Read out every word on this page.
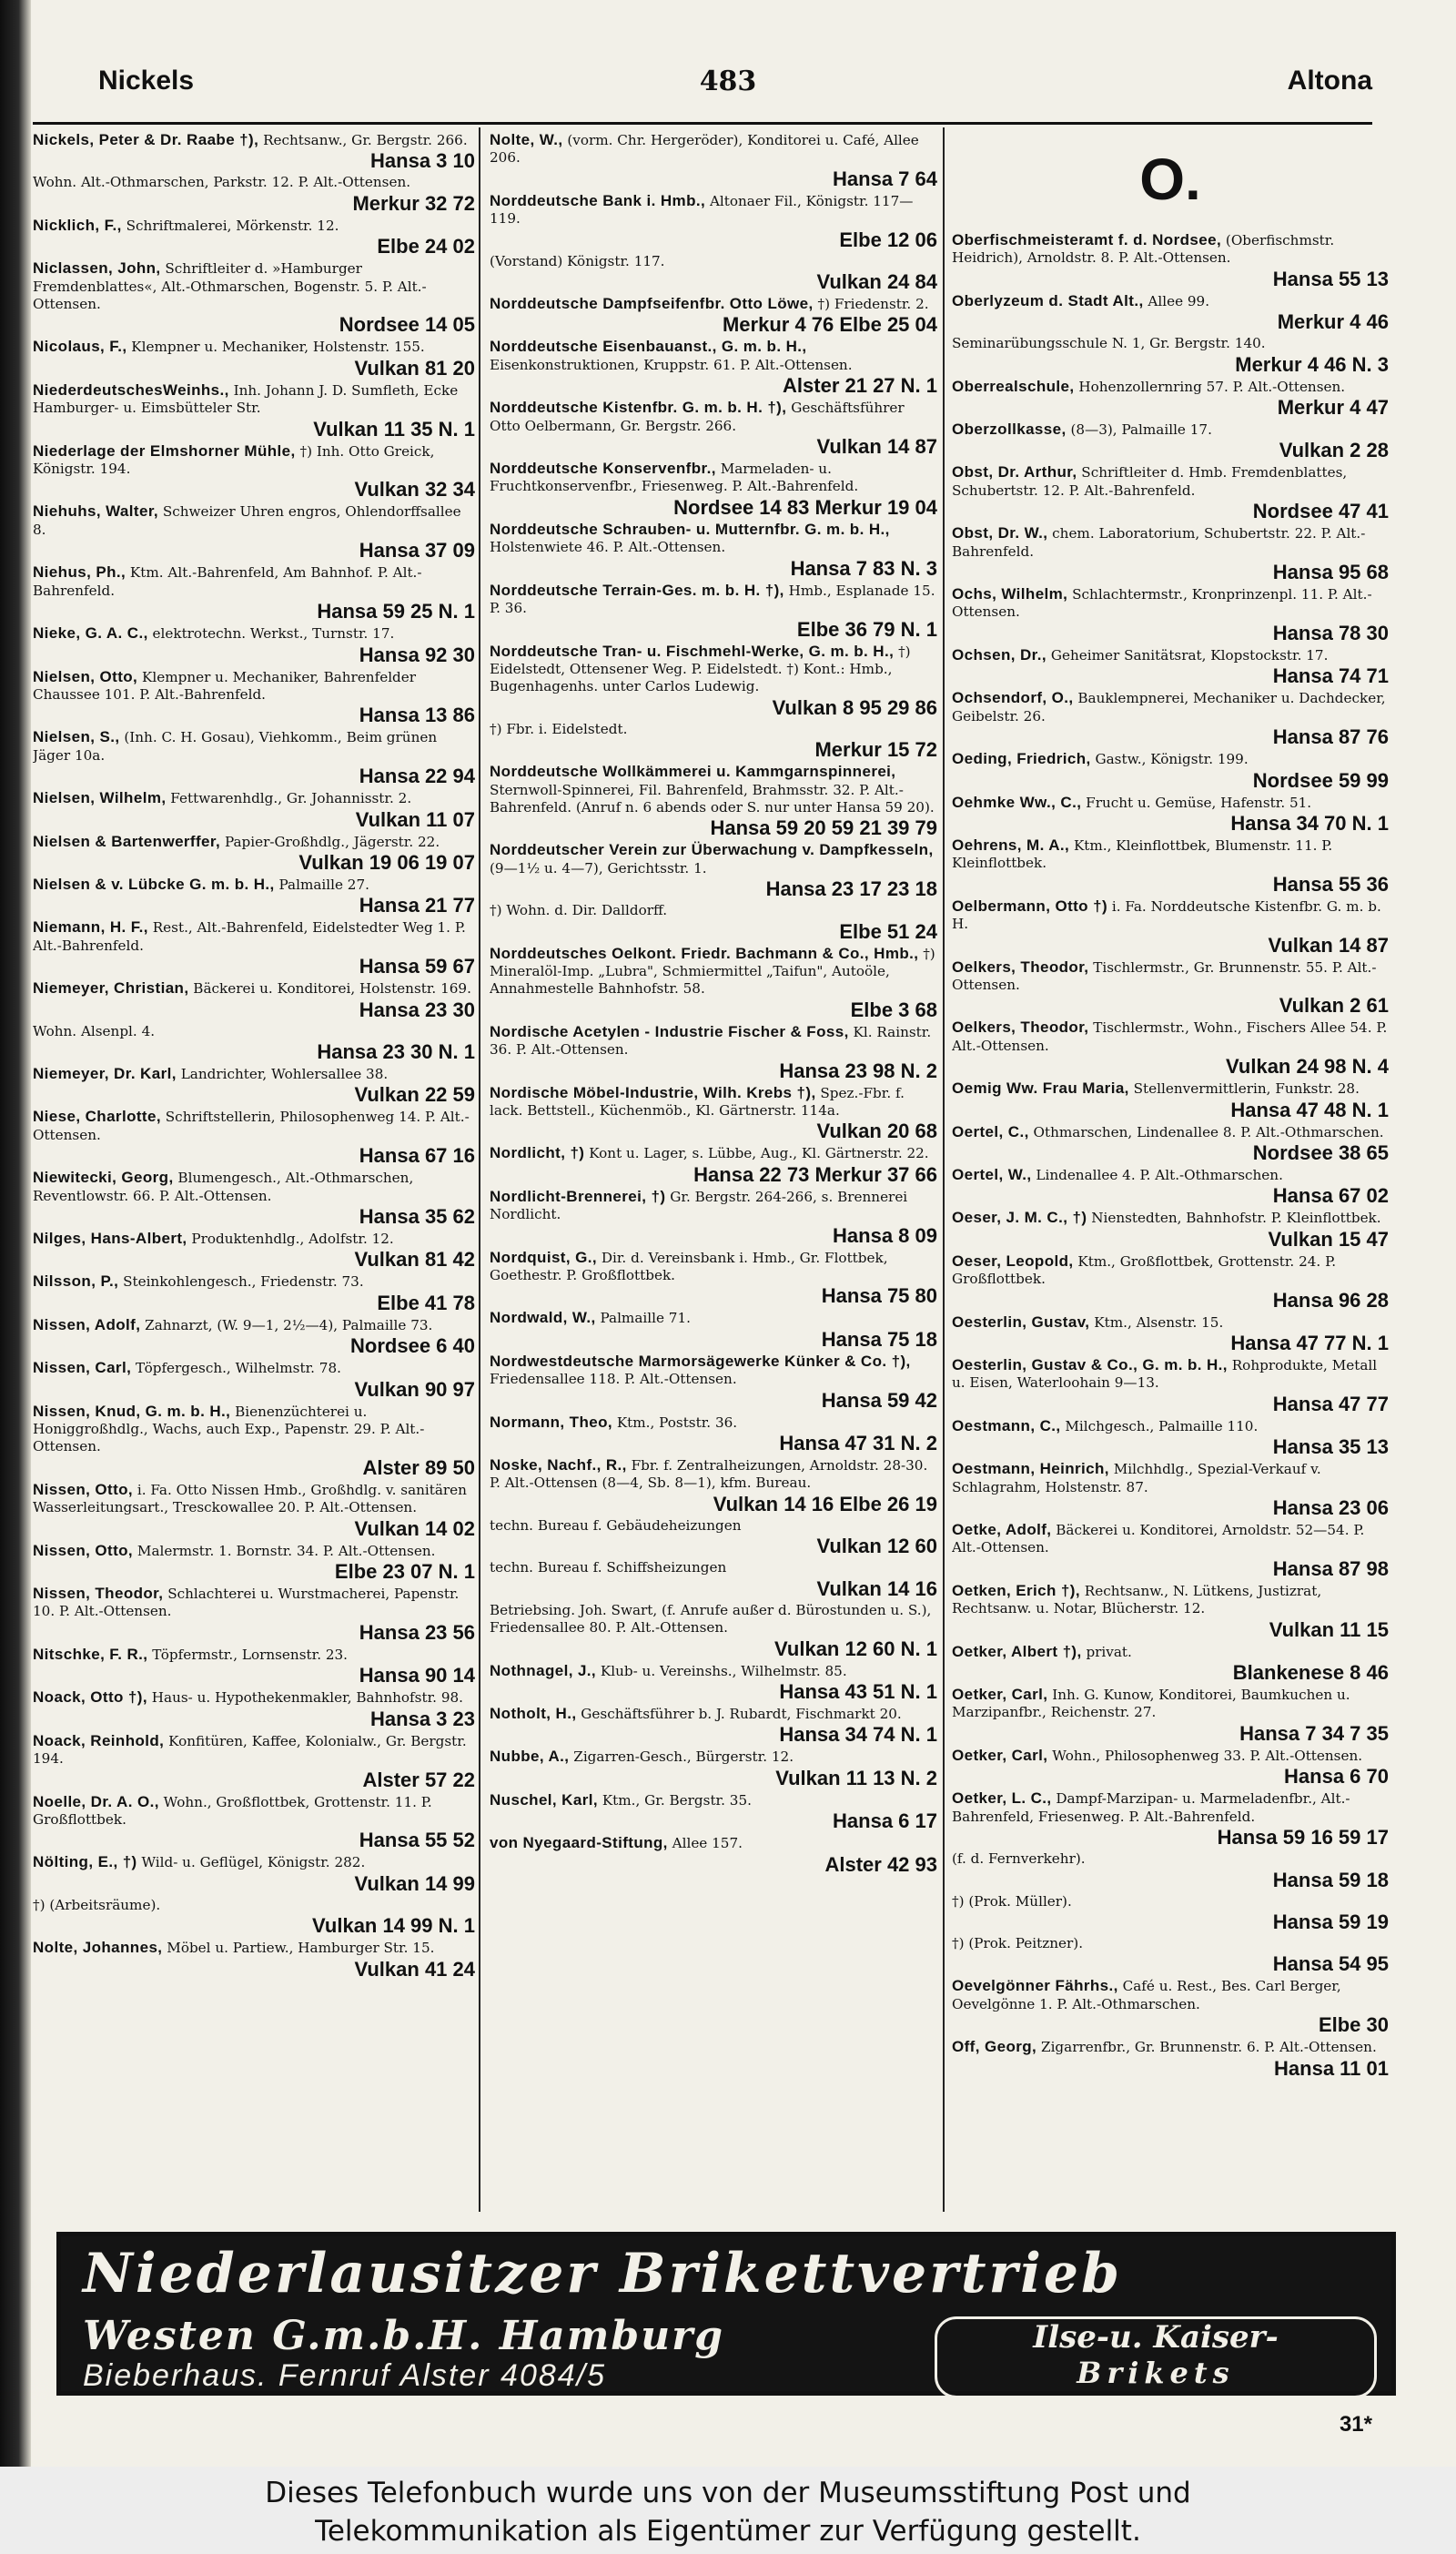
Nickels	483	Altona
Nickels, Peter & Dr. Raabe †), Rechtsanw., Gr. Bergstr. 266.
Hansa 3 10
Wohn. Alt.-Othmarschen, Parkstr. 12. P. Alt.-Ottensen.
Merkur 32 72
Nicklich, F., Schriftmalerei, Mörkenstr. 12.
Elbe 24 02
Niclassen, John, Schriftleiter d. »Hamburger Fremdenblattes«, Alt.-Othmarschen, Bogenstr. 5. P. Alt.-Ottensen.
Nordsee 14 05
Nicolaus, F., Klempner u. Mechaniker, Holstenstr. 155.
Vulkan 81 20
NiederdeutschesWeinhs., Inh. Johann J. D. Sumfleth, Ecke Hamburger- u. Eimsbütteler Str.
Vulkan 11 35 N. 1
Niederlage der Elmshorner Mühle, †) Inh. Otto Greick, Königstr. 194.
Vulkan 32 34
Niehuhs, Walter, Schweizer Uhren engros, Ohlendorffsallee 8.
Hansa 37 09
Niehus, Ph., Ktm. Alt.-Bahrenfeld, Am Bahnhof. P. Alt.-Bahrenfeld.
Hansa 59 25 N. 1
Nieke, G. A. C., elektrotechn. Werkst., Turnstr. 17.
Hansa 92 30
Nielsen, Otto, Klempner u. Mechaniker, Bahrenfelder Chaussee 101. P. Alt.-Bahrenfeld.
Hansa 13 86
Nielsen, S., (Inh. C. H. Gosau), Viehkomm., Beim grünen Jäger 10a.
Hansa 22 94
Nielsen, Wilhelm, Fettwarenhdlg., Gr. Johannisstr. 2.
Vulkan 11 07
Nielsen & Bartenwerffer, Papier-Großhdlg., Jägerstr. 22.
Vulkan 19 06 19 07
Nielsen & v. Lübcke G. m. b. H., Palmaille 27.
Hansa 21 77
Niemann, H. F., Rest., Alt.-Bahrenfeld, Eidelstedter Weg 1. P. Alt.-Bahrenfeld.
Hansa 59 67
Niemeyer, Christian, Bäckerei u. Konditorei, Holstenstr. 169.
Hansa 23 30
Wohn. Alsenpl. 4.
Hansa 23 30 N. 1
Niemeyer, Dr. Karl, Landrichter, Wohlersallee 38.
Vulkan 22 59
Niese, Charlotte, Schriftstellerin, Philosophenweg 14. P. Alt.-Ottensen.
Hansa 67 16
Niewitecki, Georg, Blumengesch., Alt.-Othmarschen, Reventlowstr. 66. P. Alt.-Ottensen.
Hansa 35 62
Nilges, Hans-Albert, Produktenhdlg., Adolfstr. 12.
Vulkan 81 42
Nilsson, P., Steinkohlengesch., Friedenstr. 73.
Elbe 41 78
Nissen, Adolf, Zahnarzt, (W. 9—1, 2½—4), Palmaille 73.
Nordsee 6 40
Nissen, Carl, Töpfergesch., Wilhelmstr. 78.
Vulkan 90 97
Nissen, Knud, G. m. b. H., Bienenzüchterei u. Honiggroßhdlg., Wachs, auch Exp., Papenstr. 29. P. Alt.-Ottensen.
Alster 89 50
Nissen, Otto, i. Fa. Otto Nissen Hmb., Großhdlg. v. sanitären Wasserleitungsart., Tresckowallee 20. P. Alt.-Ottensen.
Vulkan 14 02
Nissen, Otto, Malermstr. 1. Bornstr. 34. P. Alt.-Ottensen.
Elbe 23 07 N. 1
Nissen, Theodor, Schlachterei u. Wurstmacherei, Papenstr. 10. P. Alt.-Ottensen.
Hansa 23 56
Nitschke, F. R., Töpfermstr., Lornsenstr. 23.
Hansa 90 14
Noack, Otto †), Haus- u. Hypothekenmakler, Bahnhofstr. 98.
Hansa 3 23
Noack, Reinhold, Konfitüren, Kaffee, Kolonialw., Gr. Bergstr. 194.
Alster 57 22
Noelle, Dr. A. O., Wohn., Großflottbek, Grottenstr. 11. P. Großflottbek.
Hansa 55 52
Nölting, E., †) Wild- u. Geflügel, Königstr. 282.
Vulkan 14 99
†) (Arbeitsräume).
Vulkan 14 99 N. 1
Nolte, Johannes, Möbel u. Partiew., Hamburger Str. 15.
Vulkan 41 24
Nolte, W., (vorm. Chr. Hergeröder), Konditorei u. Café, Allee 206.
Hansa 7 64
Norddeutsche Bank i. Hmb., Altonaer Fil., Königstr. 117—119.
Elbe 12 06
(Vorstand) Königstr. 117.
Vulkan 24 84
Norddeutsche Dampfseifenfbr. Otto Löwe, †) Friedenstr. 2.
Merkur 4 76 Elbe 25 04
Norddeutsche Eisenbauanst., G. m. b. H., Eisenkonstruktionen, Kruppstr. 61. P. Alt.-Ottensen.
Alster 21 27 N. 1
Norddeutsche Kistenfbr. G. m. b. H. †), Geschäftsführer Otto Oelbermann, Gr. Bergstr. 266.
Vulkan 14 87
Norddeutsche Konservenfbr., Marmeladen- u. Fruchtkonservenfbr., Friesenweg. P. Alt.-Bahrenfeld.
Nordsee 14 83 Merkur 19 04
Norddeutsche Schrauben- u. Mutternfbr. G. m. b. H., Holstenwiete 46. P. Alt.-Ottensen.
Hansa 7 83 N. 3
Norddeutsche Terrain-Ges. m. b. H. †), Hmb., Esplanade 15. P. 36.
Elbe 36 79 N. 1
Norddeutsche Tran- u. Fischmehl-Werke, G. m. b. H., †) Eidelstedt, Ottensener Weg. P. Eidelstedt. †) Kont.: Hmb., Bugenhagenhs. unter Carlos Ludewig.
Vulkan 8 95 29 86
†) Fbr. i. Eidelstedt.
Merkur 15 72
Norddeutsche Wollkämmerei u. Kammgarnspinnerei, Sternwoll-Spinnerei, Fil. Bahrenfeld, Brahmsstr. 32. P. Alt.-Bahrenfeld. (Anruf n. 6 abends oder S. nur unter Hansa 59 20).
Hansa 59 20 59 21 39 79
Norddeutscher Verein zur Überwachung v. Dampfkesseln, (9—1½ u. 4—7), Gerichtsstr. 1.
Hansa 23 17 23 18
†) Wohn. d. Dir. Dalldorff.
Elbe 51 24
Norddeutsches Oelkont. Friedr. Bachmann & Co., Hmb., †) Mineralöl-Imp. „Lubra", Schmiermittel „Taifun", Autoöle, Annahmestelle Bahnhofstr. 58.
Elbe 3 68
Nordische Acetylen - Industrie Fischer & Foss, Kl. Rainstr. 36. P. Alt.-Ottensen.
Hansa 23 98 N. 2
Nordische Möbel-Industrie, Wilh. Krebs †), Spez.-Fbr. f. lack. Bettstell., Küchenmöb., Kl. Gärtnerstr. 114a.
Vulkan 20 68
Nordlicht, †) Kont u. Lager, s. Lübbe, Aug., Kl. Gärtnerstr. 22.
Hansa 22 73 Merkur 37 66
Nordlicht-Brennerei, †) Gr. Bergstr. 264-266, s. Brennerei Nordlicht.
Hansa 8 09
Nordquist, G., Dir. d. Vereinsbank i. Hmb., Gr. Flottbek, Goethestr. P. Großflottbek.
Hansa 75 80
Nordwald, W., Palmaille 71.
Hansa 75 18
Nordwestdeutsche Marmorsägewerke Künker & Co. †), Friedensallee 118. P. Alt.-Ottensen.
Hansa 59 42
Normann, Theo, Ktm., Poststr. 36.
Hansa 47 31 N. 2
Noske, Nachf., R., Fbr. f. Zentralheizungen, Arnoldstr. 28-30. P. Alt.-Ottensen (8—4, Sb. 8—1), kfm. Bureau.
Vulkan 14 16 Elbe 26 19
techn. Bureau f. Gebäudeheizungen
Vulkan 12 60
techn. Bureau f. Schiffsheizungen
Vulkan 14 16
Betriebsing. Joh. Swart, (f. Anrufe außer d. Bürostunden u. S.), Friedensallee 80. P. Alt.-Ottensen.
Vulkan 12 60 N. 1
Nothnagel, J., Klub- u. Vereinshs., Wilhelmstr. 85.
Hansa 43 51 N. 1
Notholt, H., Geschäftsführer b. J. Rubardt, Fischmarkt 20.
Hansa 34 74 N. 1
Nubbe, A., Zigarren-Gesch., Bürgerstr. 12.
Vulkan 11 13 N. 2
Nuschel, Karl, Ktm., Gr. Bergstr. 35.
Hansa 6 17
von Nyegaard-Stiftung, Allee 157.
Alster 42 93
O.
Oberfischmeisteramt f. d. Nordsee, (Oberfischmstr. Heidrich), Arnoldstr. 8. P. Alt.-Ottensen.
Hansa 55 13
Oberlyzeum d. Stadt Alt., Allee 99.
Merkur 4 46
Seminarübungsschule N. 1, Gr. Bergstr. 140.
Merkur 4 46 N. 3
Oberrealschule, Hohenzollernring 57. P. Alt.-Ottensen.
Merkur 4 47
Oberzollkasse, (8—3), Palmaille 17.
Vulkan 2 28
Obst, Dr. Arthur, Schriftleiter d. Hmb. Fremdenblattes, Schubertstr. 12. P. Alt.-Bahrenfeld.
Nordsee 47 41
Obst, Dr. W., chem. Laboratorium, Schubertstr. 22. P. Alt.-Bahrenfeld.
Hansa 95 68
Ochs, Wilhelm, Schlachtermstr., Kronprinzenpl. 11. P. Alt.-Ottensen.
Hansa 78 30
Ochsen, Dr., Geheimer Sanitätsrat, Klopstockstr. 17.
Hansa 74 71
Ochsendorf, O., Bauklempnerei, Mechaniker u. Dachdecker, Geibelstr. 26.
Hansa 87 76
Oeding, Friedrich, Gastw., Königstr. 199.
Nordsee 59 99
Oehmke Ww., C., Frucht u. Gemüse, Hafenstr. 51.
Hansa 34 70 N. 1
Oehrens, M. A., Ktm., Kleinflottbek, Blumenstr. 11. P. Kleinflottbek.
Hansa 55 36
Oelbermann, Otto †) i. Fa. Norddeutsche Kistenfbr. G. m. b. H.
Vulkan 14 87
Oelkers, Theodor, Tischlermstr., Gr. Brunnenstr. 55. P. Alt.-Ottensen.
Vulkan 2 61
Oelkers, Theodor, Tischlermstr., Wohn., Fischers Allee 54. P. Alt.-Ottensen.
Vulkan 24 98 N. 4
Oemig Ww. Frau Maria, Stellenvermittlerin, Funkstr. 28.
Hansa 47 48 N. 1
Oertel, C., Othmarschen, Lindenallee 8. P. Alt.-Othmarschen.
Nordsee 38 65
Oertel, W., Lindenallee 4. P. Alt.-Othmarschen.
Hansa 67 02
Oeser, J. M. C., †) Nienstedten, Bahnhofstr. P. Kleinflottbek.
Vulkan 15 47
Oeser, Leopold, Ktm., Großflottbek, Grottenstr. 24. P. Großflottbek.
Hansa 96 28
Oesterlin, Gustav, Ktm., Alsenstr. 15.
Hansa 47 77 N. 1
Oesterlin, Gustav & Co., G. m. b. H., Rohprodukte, Metall u. Eisen, Waterloohain 9—13.
Hansa 47 77
Oestmann, C., Milchgesch., Palmaille 110.
Hansa 35 13
Oestmann, Heinrich, Milchhdlg., Spezial-Verkauf v. Schlagrahm, Holstenstr. 87.
Hansa 23 06
Oetke, Adolf, Bäckerei u. Konditorei, Arnoldstr. 52—54. P. Alt.-Ottensen.
Hansa 87 98
Oetken, Erich †), Rechtsanw., N. Lütkens, Justizrat, Rechtsanw. u. Notar, Blücherstr. 12.
Vulkan 11 15
Oetker, Albert †), privat.
Blankenese 8 46
Oetker, Carl, Inh. G. Kunow, Konditorei, Baumkuchen u. Marzipanfbr., Reichenstr. 27.
Hansa 7 34 7 35
Oetker, Carl, Wohn., Philosophenweg 33. P. Alt.-Ottensen.
Hansa 6 70
Oetker, L. C., Dampf-Marzipan- u. Marmeladenfbr., Alt.-Bahrenfeld, Friesenweg. P. Alt.-Bahrenfeld.
Hansa 59 16 59 17
(f. d. Fernverkehr).
Hansa 59 18
†) (Prok. Müller).
Hansa 59 19
†) (Prok. Peitzner).
Hansa 54 95
Oevelgönner Fährhs., Café u. Rest., Bes. Carl Berger, Oevelgönne 1. P. Alt.-Othmarschen.
Elbe 30
Off, Georg, Zigarrenfbr., Gr. Brunnenstr. 6. P. Alt.-Ottensen.
Hansa 11 01
Niederlausitzer Brikettvertrieb
Westen G.m.b.H. Hamburg
Bieberhaus. Fernruf Alster 4084/5
Ilse-u. Kaiser-
Brikets
31*
Dieses Telefonbuch wurde uns von der Museumsstiftung Post und
Telekommunikation als Eigentümer zur Verfügung gestellt.
